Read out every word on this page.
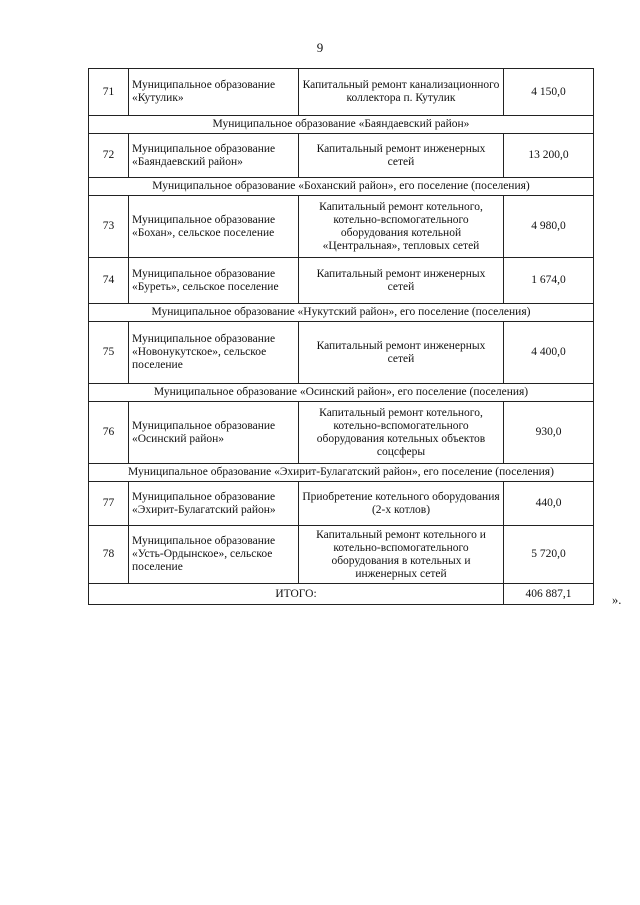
9
71	Муниципальное образование «Кутулик»	Капитальный ремонт канализационного коллектора п. Кутулик	4 150,0
Муниципальное образование «Баяндаевский район»			
72	Муниципальное образование «Баяндаевский район»	Капитальный ремонт инженерных сетей	13 200,0
Муниципальное образование «Боханский район», его поселение (поселения)			
73	Муниципальное образование «Бохан», сельское поселение	Капитальный ремонт котельного, котельно-вспомогательного оборудования котельной «Центральная», тепловых сетей	4 980,0
74	Муниципальное образование «Буреть», сельское поселение	Капитальный ремонт инженерных сетей	1 674,0
Муниципальное образование «Нукутский район», его поселение (поселения)			
75	Муниципальное образование «Новонукутское», сельское поселение	Капитальный ремонт инженерных сетей	4 400,0
Муниципальное образование «Осинский район», его поселение (поселения)			
76	Муниципальное образование «Осинский район»	Капитальный ремонт котельного, котельно-вспомогательного оборудования котельных объектов соцсферы	930,0
Муниципальное образование «Эхирит-Булагатский район», его поселение (поселения)			
77	Муниципальное образование «Эхирит-Булагатский район»	Приобретение котельного оборудования (2-х котлов)	440,0
78	Муниципальное образование «Усть-Ордынское», сельское поселение	Капитальный ремонт котельного и котельно-вспомогательного оборудования в котельных и инженерных сетей	5 720,0
ИТОГО:			406 887,1	».
